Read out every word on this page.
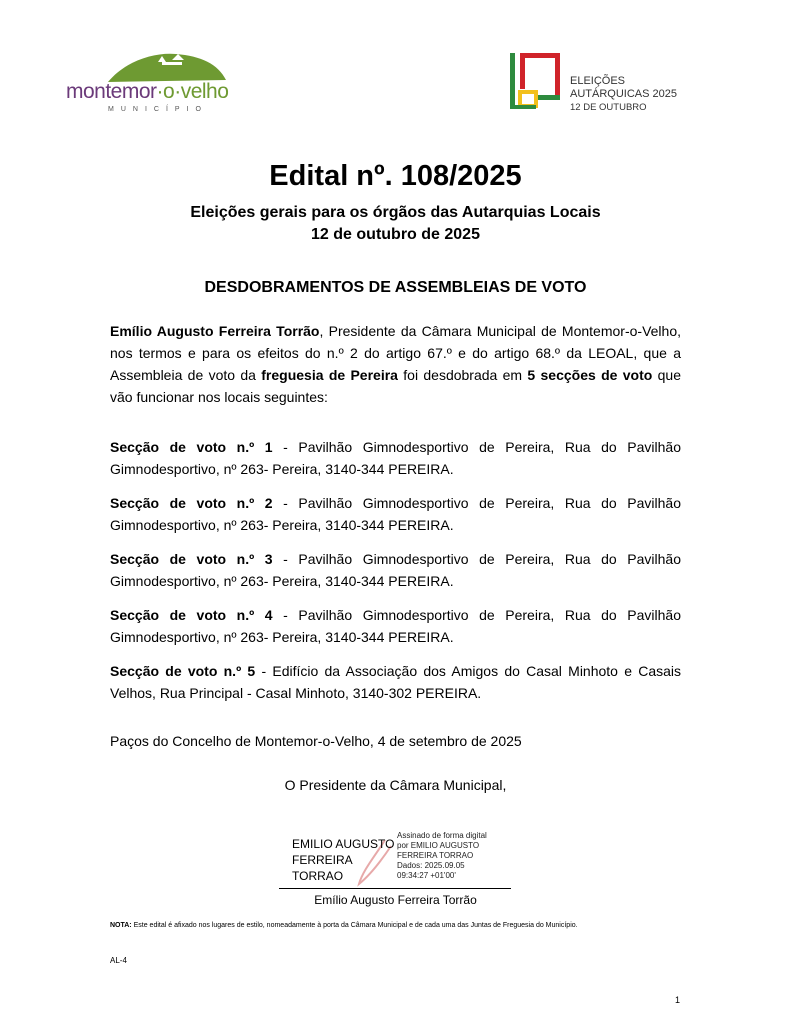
montemor·o·velho
MUNICÍPIO
ELEIÇÕES
AUTÁRQUICAS 2025
12 DE OUTUBRO
Edital nº. 108/2025
Eleições gerais para os órgãos das Autarquias Locais
12 de outubro de 2025
DESDOBRAMENTOS DE ASSEMBLEIAS DE VOTO
Emílio Augusto Ferreira Torrão, Presidente da Câmara Municipal de Montemor-o-Velho, nos termos e para os efeitos do n.º 2 do artigo 67.º e do artigo 68.º da LEOAL, que a Assembleia de voto da freguesia de Pereira foi desdobrada em 5 secções de voto que vão funcionar nos locais seguintes:
Secção de voto n.º 1 - Pavilhão Gimnodesportivo de Pereira, Rua do Pavilhão
Gimnodesportivo, nº 263- Pereira, 3140-344 PEREIRA.
Secção de voto n.º 2 - Pavilhão Gimnodesportivo de Pereira, Rua do Pavilhão
Gimnodesportivo, nº 263- Pereira, 3140-344 PEREIRA.
Secção de voto n.º 3 - Pavilhão Gimnodesportivo de Pereira, Rua do Pavilhão
Gimnodesportivo, nº 263- Pereira, 3140-344 PEREIRA.
Secção de voto n.º 4 - Pavilhão Gimnodesportivo de Pereira, Rua do Pavilhão
Gimnodesportivo, nº 263- Pereira, 3140-344 PEREIRA.
Secção de voto n.º 5 - Edifício da Associação dos Amigos do Casal Minhoto e Casais
Velhos, Rua Principal - Casal Minhoto, 3140-302 PEREIRA.
Paços do Concelho de Montemor-o-Velho, 4 de setembro de 2025
O Presidente da Câmara Municipal,
EMILIO AUGUSTO
FERREIRA
TORRAO
Assinado de forma digital
por EMILIO AUGUSTO
FERREIRA TORRAO
Dados: 2025.09.05
09:34:27 +01'00'
Emílio Augusto Ferreira Torrão
NOTA: Este edital é afixado nos lugares de estilo, nomeadamente à porta da Câmara Municipal e de cada uma das Juntas de Freguesia do Município.
AL-4
1
